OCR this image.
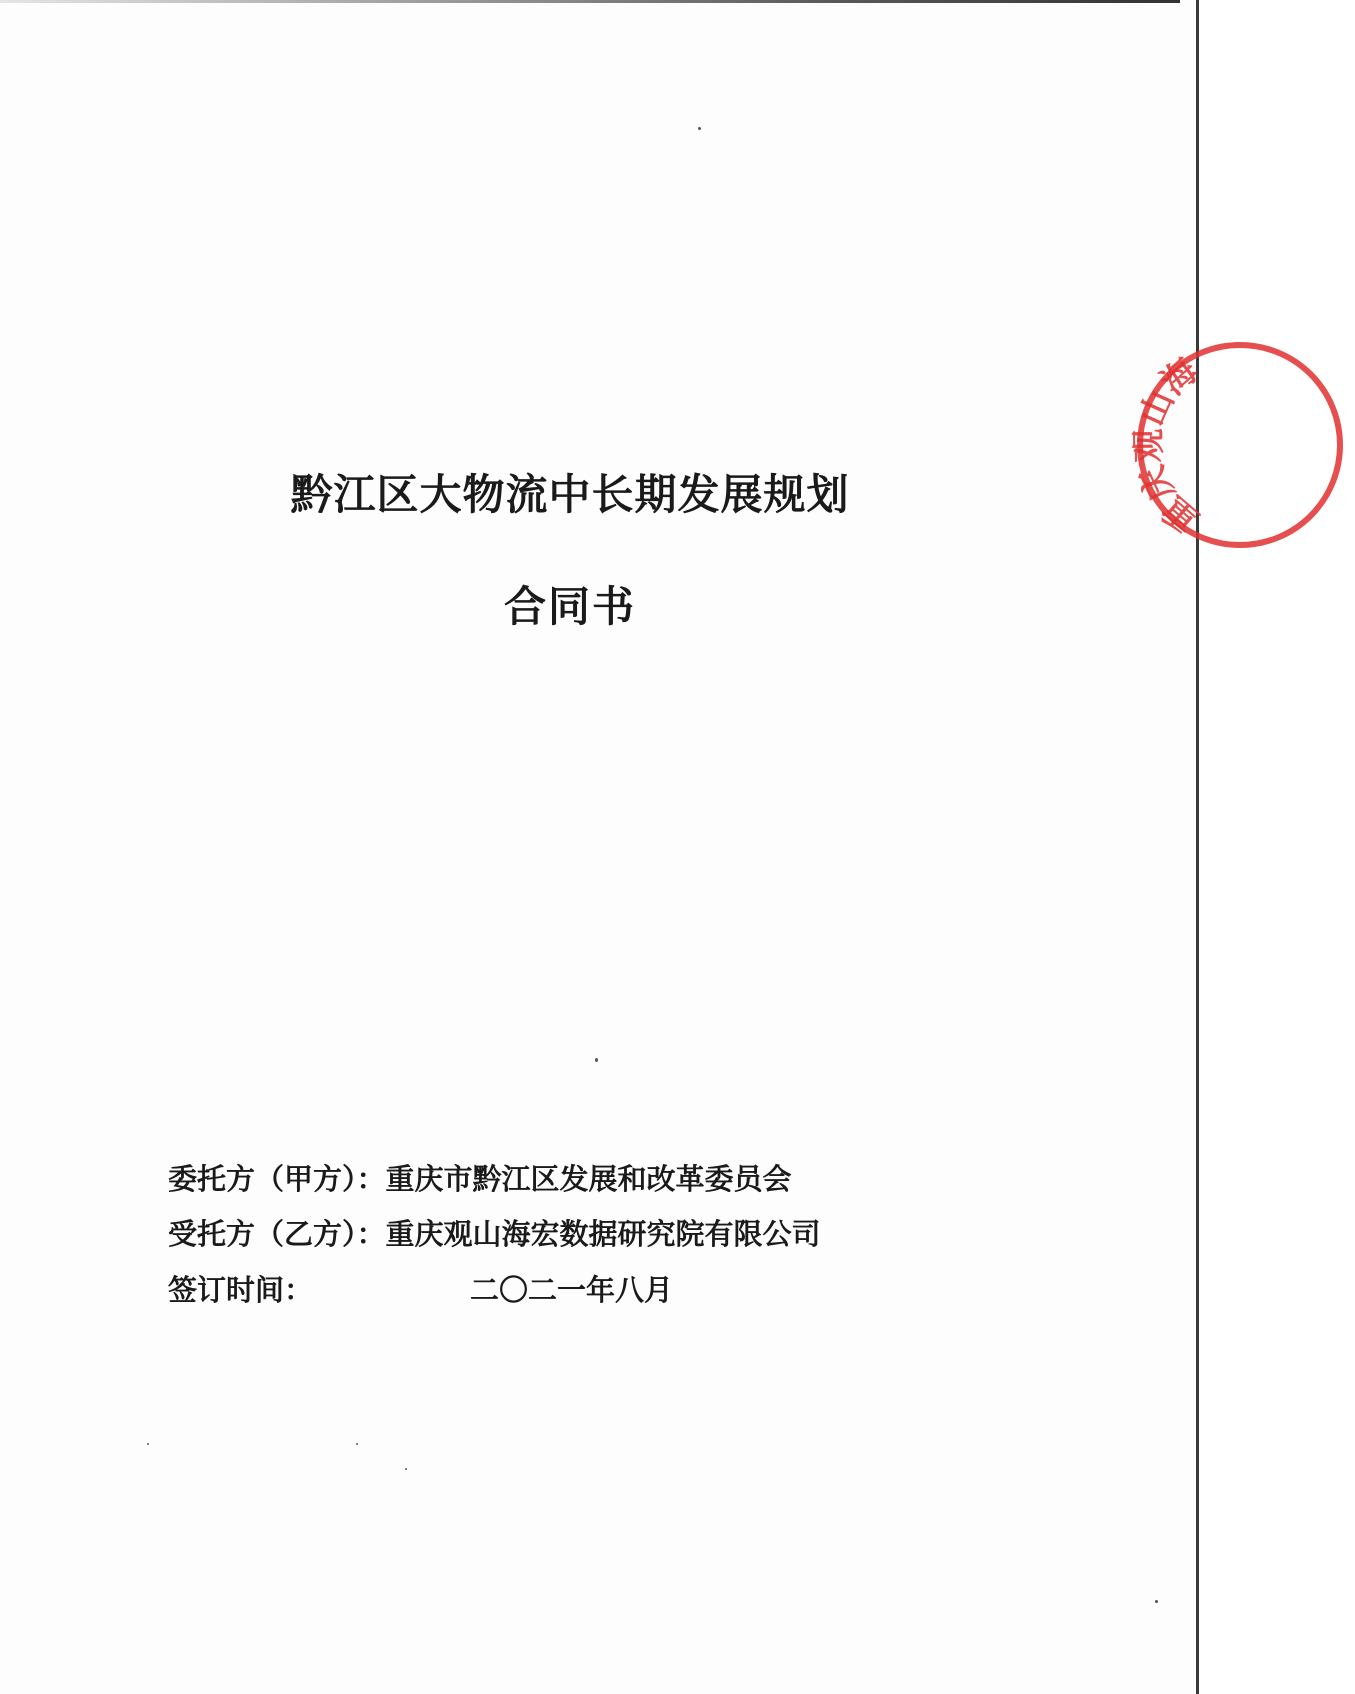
重庆观山海
黔江区大物流中长期发展规划
合同书
委托方（甲方）：重庆市黔江区发展和改革委员会
受托方（乙方）：重庆观山海宏数据研究院有限公司
签订时间：	二〇二一年八月
